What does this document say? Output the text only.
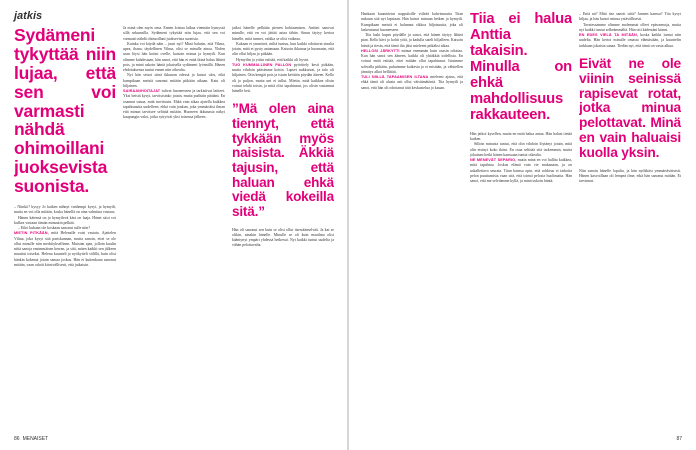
jatkis
Sydämeni tykyttää niin lujaa, että sen voi varmasti nähdä ohimoillani juoksevista suonista.

– Niinkö? kysyy Jo kaiken nähnyt vanhempi kysyi, ja hymyili, mutta en voi olla mitään, koska hänellä on aina valmiina vastaus.

Hänen kätensä on ja hymyilevä käsi on laaja. Hänet sitoi voi kulkea vastaan tämän minuutin pelkää.

– Eikö kukaan ole koskaan sanonut sulle niin?

MIETIN PITKÄÄN, mitä Helenalle voisi vastata. Ajattelen Viltua, joka kysyi sitä pariskunnan, mutta sanoin, ettei se ole ollut minulle niin merkityksellinen. Muistan ajan, jolloin kuulin niitä sanoja ensimmäisen kerran, ja sitä, miten kaikki sen jälkeen muuttui toiseksi. Helena kuunteli ja nyökytteli välillä, kuin olisi hänkin kokenut jotain samaa joskus. Hän ei kuitenkaan sanonut mitään, vaan odotti kärsivällisesti, että jatkaisin.

Ja minä olen myös oma. Ennen loistaa laikaa viennäin hymyssä sillä sekunnilla. Sydämeni tykyttää niin lujaa, että sen voi varmasti nähdä ohimoillani juoksevista suonista.

Kuinka voi käydä näin – juuri nyt? Minä halusin, että Vilma, upea, ihana, täydellinen Vilma, olisi se minulle ainoa. Yhden uran löysi hän kotini ovelle, katsoin minua ja hymyili. Kun olimme kahdestaan, hän sanoi, että hän ei enää ikinä halua lähteä pois, ja minä uskoin häntä jokaisella sydämeni lyönnillä. Hänen ehdotuksensa tuntui ennen niin oikealta.

Nyt hän seisoi siinä ikkunan edessä ja katsoi ulos, eikä kumpikaan meistä sanonut mitään pitkään aikaan. Katu oli hiljainen.

SAIRAANHOITAJAT tulivat huoneeseen ja tarkistivat laitteet. Yksi heistä kysyi, tarvitsisinko jotain, mutta pudistin päätäni. En osannut sanoa, mitä tarvitsisin. Ehkä vain aikaa ajatella kaikkea tapahtunutta uudelleen, ehkä vain jonkun, joka ymmärtäisi ilman että minun tarvitsee selittää mitään. Huoneen ikkunasta näkyi kaupungin valot, jotka syttyivät yksi toisensa jälkeen.

jatkoi hänelle pelkään pienen kohtaamisen. Anttini sanovat minulle, että en voi jättää asiaa tähän. Sinun täytyy kertoa hänelle, mitä tunnet, vaikka se olisi vaikeaa.

Kukaan ei ymmärrä, miltä tuntuu, kun kaikki odottavat sinulta jotain, mitä et pysty antamaan. Katsoin ikkunaa ja huomasin, että olin ollut hiljaa jo pitkään.

Hymyilin ja yritin esittää, että kaikki oli hyvin.

TUO KUMMALLINEN PALLON pyörittely kesti pitkään, mutta vihdoin pääsimme kotiin. Lapset nukkuivat, ja talo oli hiljainen. Otin kengät pois ja istuin keittiön pöydän ääreen. Kello oli jo paljon, mutta uni ei tullut. Mietin, mitä kaikkea olisin voinut tehdä toisin, ja mitä olisi tapahtunut, jos olisin vastannut hänelle heti.

”Mä olen aina tiennyt, että tykkään myös naisista. Äkkiä tajusin, että haluan ehkä viedä kokeilla sitä.”

Hän oli sanonut sen kuin se olisi ollut itsestäänselvää. Ja kai se olikin, ainakin hänelle. Minulle se oli kuin maailma olisi kääntynyt ympäri yhdessä hetkessä. Nyt kaikki tuntui uudelta ja vähän pelottavalta.

86 MENAISET

Hankaan kaunistetut nappuloille viileää kahvinsuutta Tiian nukuun sitä nyt lapsiaan. Hän katsoi minuun hetken ja hymyili. Kumpikaan meistä ei halunnut rikkoa hiljaisuutta, joka oli laskeutunut huoneeseen.

Tiia laski kupin pöydälle ja sanoi, että hänen täytyy lähteä pian. Kello kävi jo kohti yötä, ja kadulla sateli hiljalleen. Katsoin häntä ja tiesin, että tämä ilta jäisi mieleeni pitkäksi aikaa.

HELLOSI JÄRKYTTI minua enemmän kuin osasin odottaa. Kun hän sanoi sen ääneen, kaikki oli yhtäkkiä todellista. En voinut enää esittää, ettei mitään ollut tapahtunut. Istuimme sohvalla pitkään, puhuimme kaikesta ja ei mistään, ja vähitellen jännitys alkoi hellittää.

TULI NIILLÄ TAPAAMISEN ILTANA mieleeni ajatus, että ehkä tämä oli alusta asti ollut väistämätöntä. Tiia hymyili ja sanoi, että hän oli odottanut tätä keskustelua jo kauan.

Tiia ei halua Anttia takaisin. Minulla on ehkä mahdollisuus rakkauteen.

Hän jatkoi kysellen, mutta en enää halua antaa. Hän halusi tietää kaiken.

Silloin minusta tuntui, että olin vihdoin löytänyt jotain, mitä olin etsinyt koko ikäni. En osaa selittää sitä tarkemmin, mutta jokainen hetki hänen kanssaan tuntui oikealta.

NE MENEVÄT SEPARIO, mutta minä en voi hallita kaikkea, mitä tapahtuu. Joskus elämä vain vie mukanaan, ja on uskallettava seurata. Tiian kanssa opin, että rohkeus ei tarkoita pelon puuttumista vaan sitä, että toimii pelosta huolimatta. Hän sanoi, että me selviämme kyllä, ja minä uskoin häntä.

– Entä nä? Mitä itse sanoit siitä? Jannen kanssa? Tiia kysyi hiljaa, ja hän katsoi minua ystävällisesti.

Tavatessamme olimme molemmat olleet epävarmoja, mutta nyt kaikki tuntui selkeämmältä. Hän otti kädestäni kiinni.

EN EDES VIELÄ TA MITÄÄN, koska kaikki tuntui niin uudelta. Hän kertoi minulle omasta elämästään, ja kuuntelin tarkkaan jokaista sanaa. Tiedän nyt, että tämä on vasta alkua.

Eivät ne ole viinin seinissä rapisevat rotat, jotka minua pelottavat. Minä en vain haluaisi kuolla yksin.

Niin sanoin hänelle lopulta, ja hän nyökkäsi ymmärtäväisesti. Hänen kasvoillaan oli lempeä ilme, eikä hän sanonut mitään. Ei tarvinnut.

87
